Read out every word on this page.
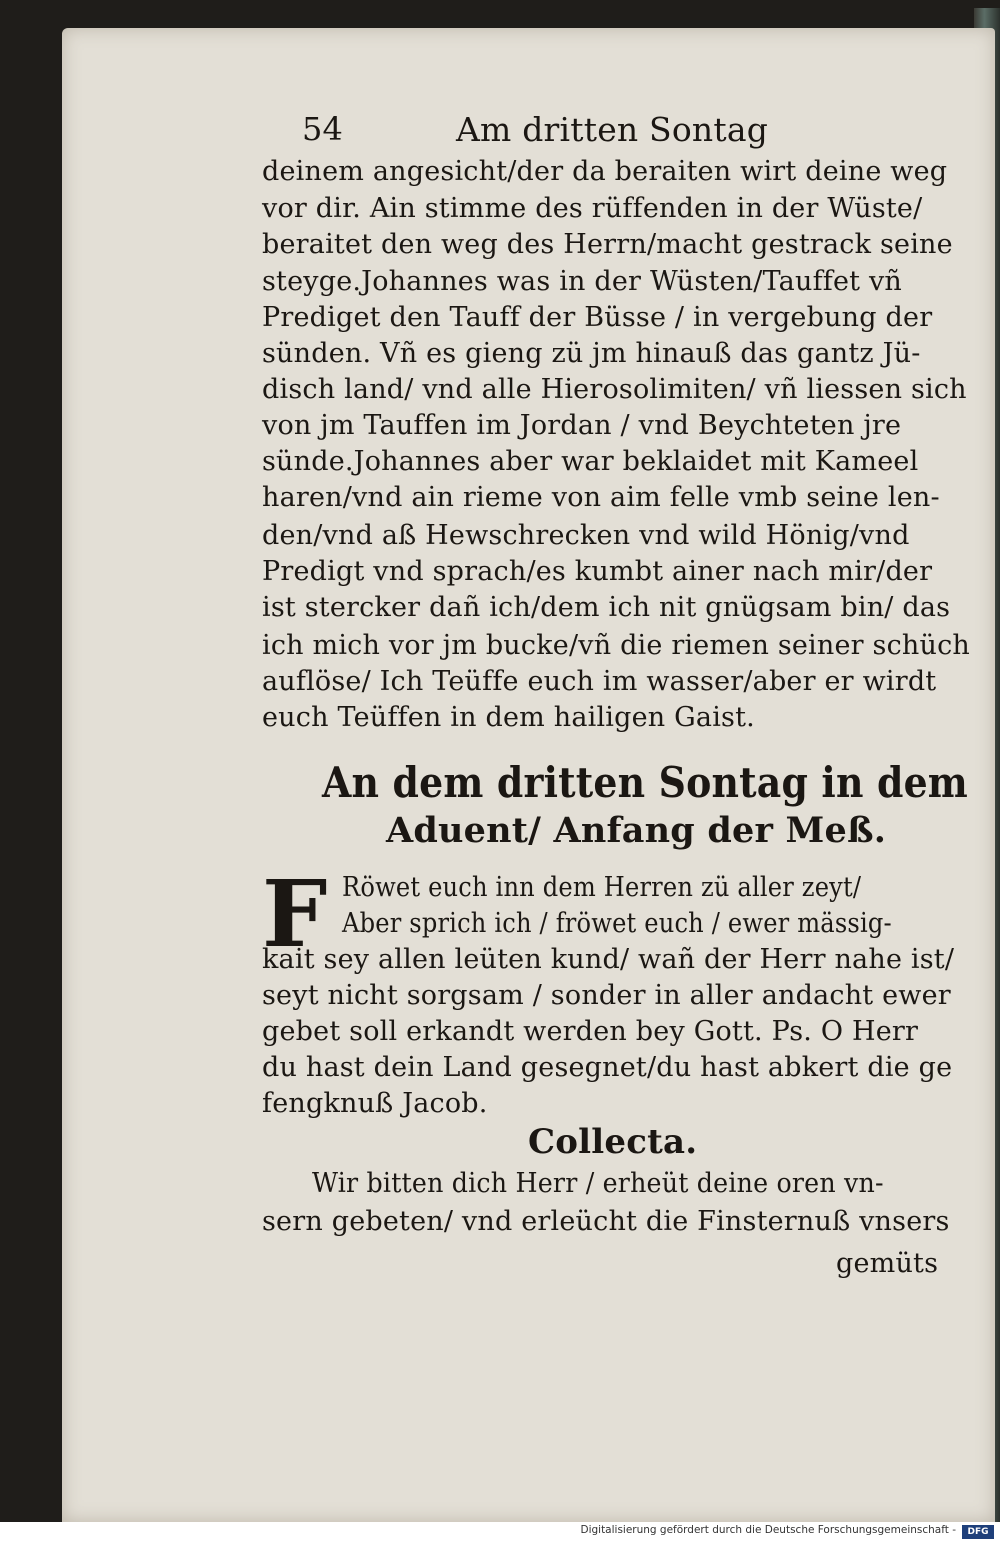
54	Am dritten Sontag
deinem angesicht/der da beraiten wirt deine weg
vor dir. Ain stimme des rüffenden in der Wüste/
beraitet den weg des Herrn/macht gestrack seine
steyge.Johannes was in der Wüsten/Tauffet vñ
Prediget den Tauff der Büsse / in vergebung der
sünden. Vñ es gieng zü jm hinauß das gantz Jü-
disch land/ vnd alle Hierosolimiten/ vñ liessen sich
von jm Tauffen im Jordan / vnd Beychteten jre
sünde.Johannes aber war beklaidet mit Kameel
haren/vnd ain rieme von aim felle vmb seine len-
den/vnd aß Hewschrecken vnd wild Hönig/vnd
Predigt vnd sprach/es kumbt ainer nach mir/der
ist stercker dañ ich/dem ich nit gnügsam bin/ das
ich mich vor jm bucke/vñ die riemen seiner schüch
auflöse/ Ich Teüffe euch im wasser/aber er wirdt
euch Teüffen in dem hailigen Gaist.
An dem dritten Sontag in dem
Aduent/ Anfang der Meß.
F Röwet euch inn dem Herren zü aller zeyt/
Aber sprich ich / fröwet euch / ewer mässig-
kait sey allen leüten kund/ wañ der Herr nahe ist/
seyt nicht sorgsam / sonder in aller andacht ewer
gebet soll erkandt werden bey Gott. Ps. O Herr
du hast dein Land gesegnet/du hast abkert die ge
fengknuß Jacob.
Collecta.
Wir bitten dich Herr / erheüt deine oren vn-
sern gebeten/ vnd erleücht die Finsternuß vnsers
gemüts
Digitalisierung gefördert durch die Deutsche Forschungsgemeinschaft -	DFG
